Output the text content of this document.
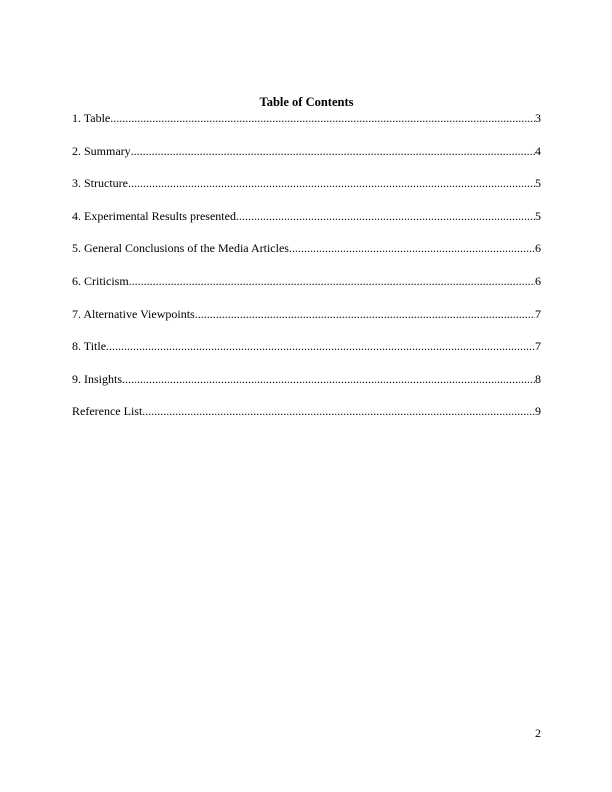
Table of Contents
1. Table .....	3
2. Summary .....	4
3. Structure .....	5
4. Experimental Results presented .....	5
5. General Conclusions of the Media Articles .....	6
6. Criticism .....	6
7. Alternative Viewpoints .....	7
8. Title .....	7
9. Insights .....	8
Reference List .....	9
2
